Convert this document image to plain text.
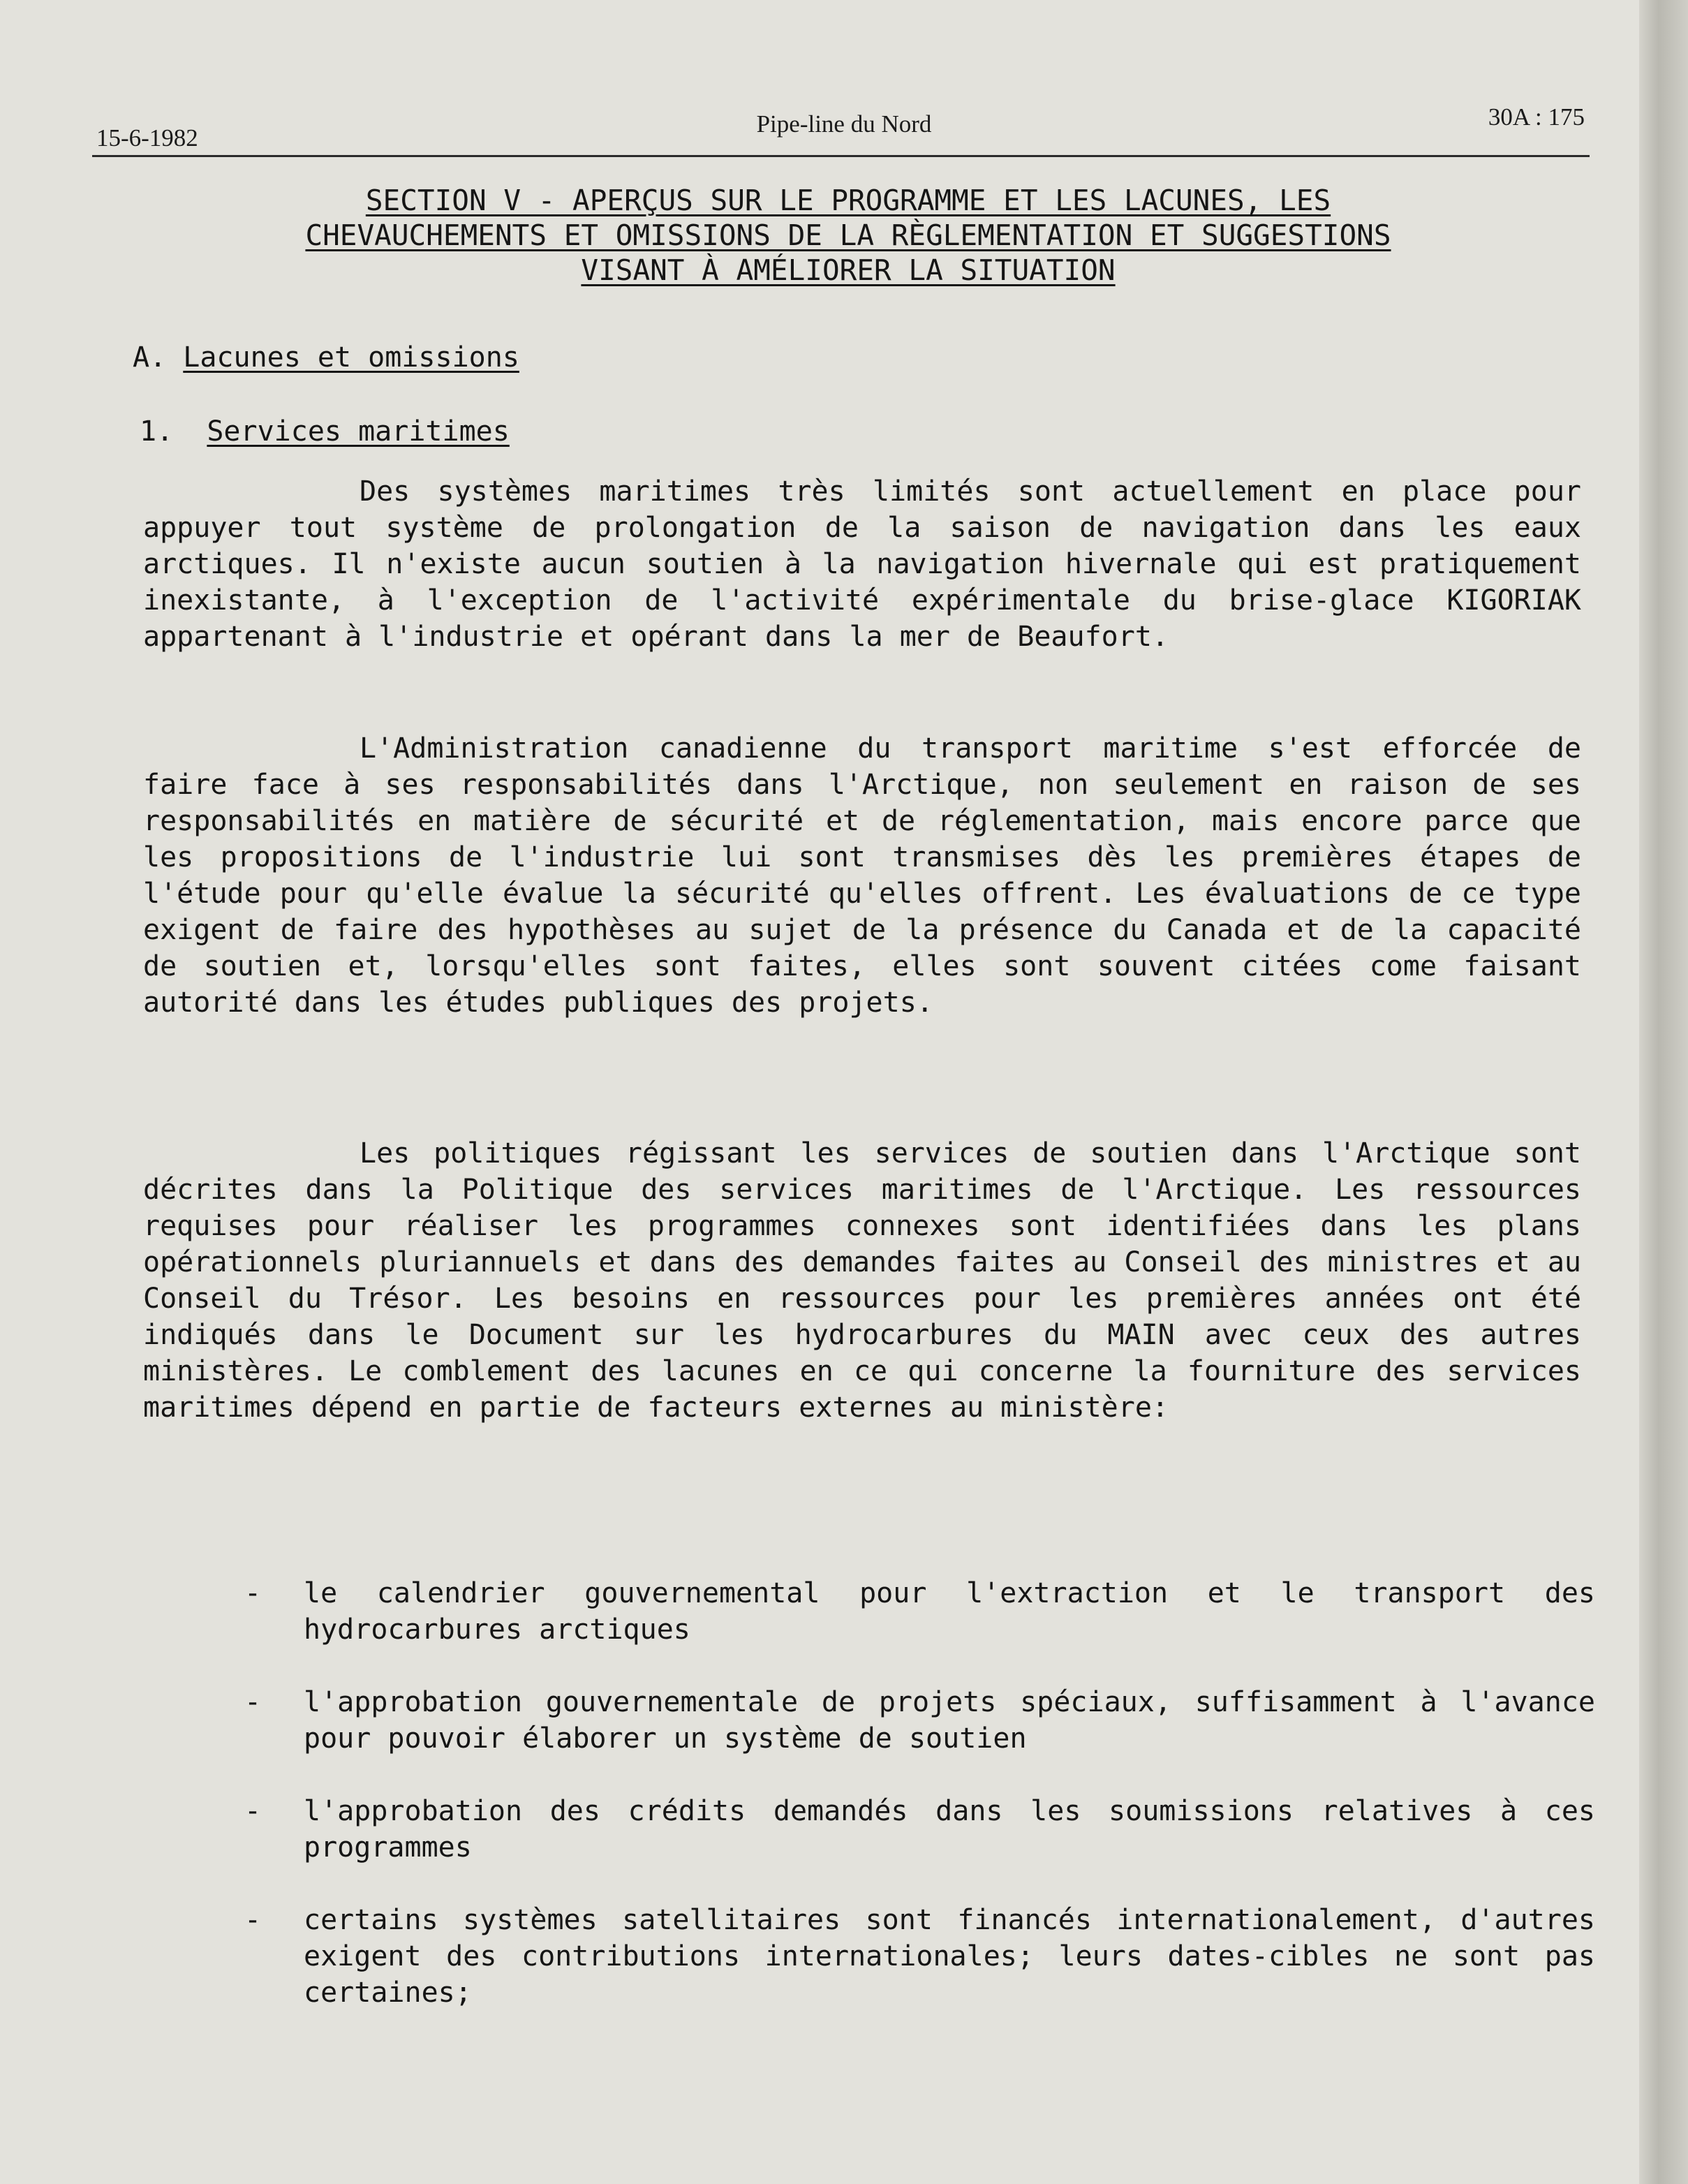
15-6-1982
Pipe-line du Nord	30A : 175
SECTION V - APERÇUS SUR LE PROGRAMME ET LES LACUNES, LES
CHEVAUCHEMENTS ET OMISSIONS DE LA RÈGLEMENTATION ET SUGGESTIONS
VISANT À AMÉLIORER LA SITUATION
A. Lacunes et omissions
1. Services maritimes

Des systèmes maritimes très limités sont actuellement en place pour appuyer tout système de prolongation de la saison de navigation dans les eaux arctiques. Il n'existe aucun soutien à la navigation hivernale qui est pratiquement inexistante, à l'exception de l'activité expérimentale du brise-glace KIGORIAK appartenant à l'industrie et opérant dans la mer de Beaufort.

L'Administration canadienne du transport maritime s'est efforcée de faire face à ses responsabilités dans l'Arctique, non seulement en raison de ses responsabilités en matière de sécurité et de réglementation, mais encore parce que les propositions de l'industrie lui sont transmises dès les premières étapes de l'étude pour qu'elle évalue la sécurité qu'elles offrent. Les évaluations de ce type exigent de faire des hypothèses au sujet de la présence du Canada et de la capacité de soutien et, lorsqu'elles sont faites, elles sont souvent citées come faisant autorité dans les études publiques des projets.

Les politiques régissant les services de soutien dans l'Arctique sont décrites dans la Politique des services maritimes de l'Arctique. Les ressources requises pour réaliser les programmes connexes sont identifiées dans les plans opérationnels pluriannuels et dans des demandes faites au Conseil des ministres et au Conseil du Trésor. Les besoins en ressources pour les premières années ont été indiqués dans le Document sur les hydrocarbures du MAIN avec ceux des autres ministères. Le comblement des lacunes en ce qui concerne la fourniture des services maritimes dépend en partie de facteurs externes au ministère:

- le calendrier gouvernemental pour l'extraction et le transport des hydrocarbures arctiques
- l'approbation gouvernementale de projets spéciaux, suffisamment à l'avance pour pouvoir élaborer un système de soutien
- l'approbation des crédits demandés dans les soumissions relatives à ces programmes
- certains systèmes satellitaires sont financés internationalement, d'autres exigent des contributions internationales; leurs dates-cibles ne sont pas certaines;
